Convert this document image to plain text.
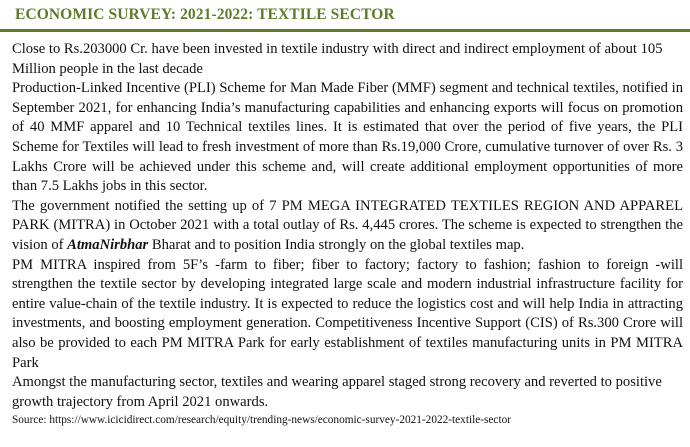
ECONOMIC SURVEY: 2021-2022: TEXTILE SECTOR

Close to Rs.203000 Cr. have been invested in textile industry with direct and indirect employment of about 105 Million people in the last decade

Production-Linked Incentive (PLI) Scheme for Man Made Fiber (MMF) segment and technical textiles, notified in September 2021, for enhancing India’s manufacturing capabilities and enhancing exports will focus on promotion of 40 MMF apparel and 10 Technical textiles lines. It is estimated that over the period of five years, the PLI Scheme for Textiles will lead to fresh investment of more than Rs.19,000 Crore, cumulative turnover of over Rs. 3 Lakhs Crore will be achieved under this scheme and, will create additional employment opportunities of more than 7.5 Lakhs jobs in this sector.

The government notified the setting up of 7 PM MEGA INTEGRATED TEXTILES REGION AND APPAREL PARK (MITRA) in October 2021 with a total outlay of Rs. 4,445 crores. The scheme is expected to strengthen the vision of AtmaNirbhar Bharat and to position India strongly on the global textiles map.

PM MITRA inspired from 5F’s -farm to fiber; fiber to factory; factory to fashion; fashion to foreign -will strengthen the textile sector by developing integrated large scale and modern industrial infrastructure facility for entire value-chain of the textile industry. It is expected to reduce the logistics cost and will help India in attracting investments, and boosting employment generation. Competitiveness Incentive Support (CIS) of Rs.300 Crore will also be provided to each PM MITRA Park for early establishment of textiles manufacturing units in PM MITRA Park

Amongst the manufacturing sector, textiles and wearing apparel staged strong recovery and reverted to positive growth trajectory from April 2021 onwards.

Source: https://www.icicidirect.com/research/equity/trending-news/economic-survey-2021-2022-textile-sector
